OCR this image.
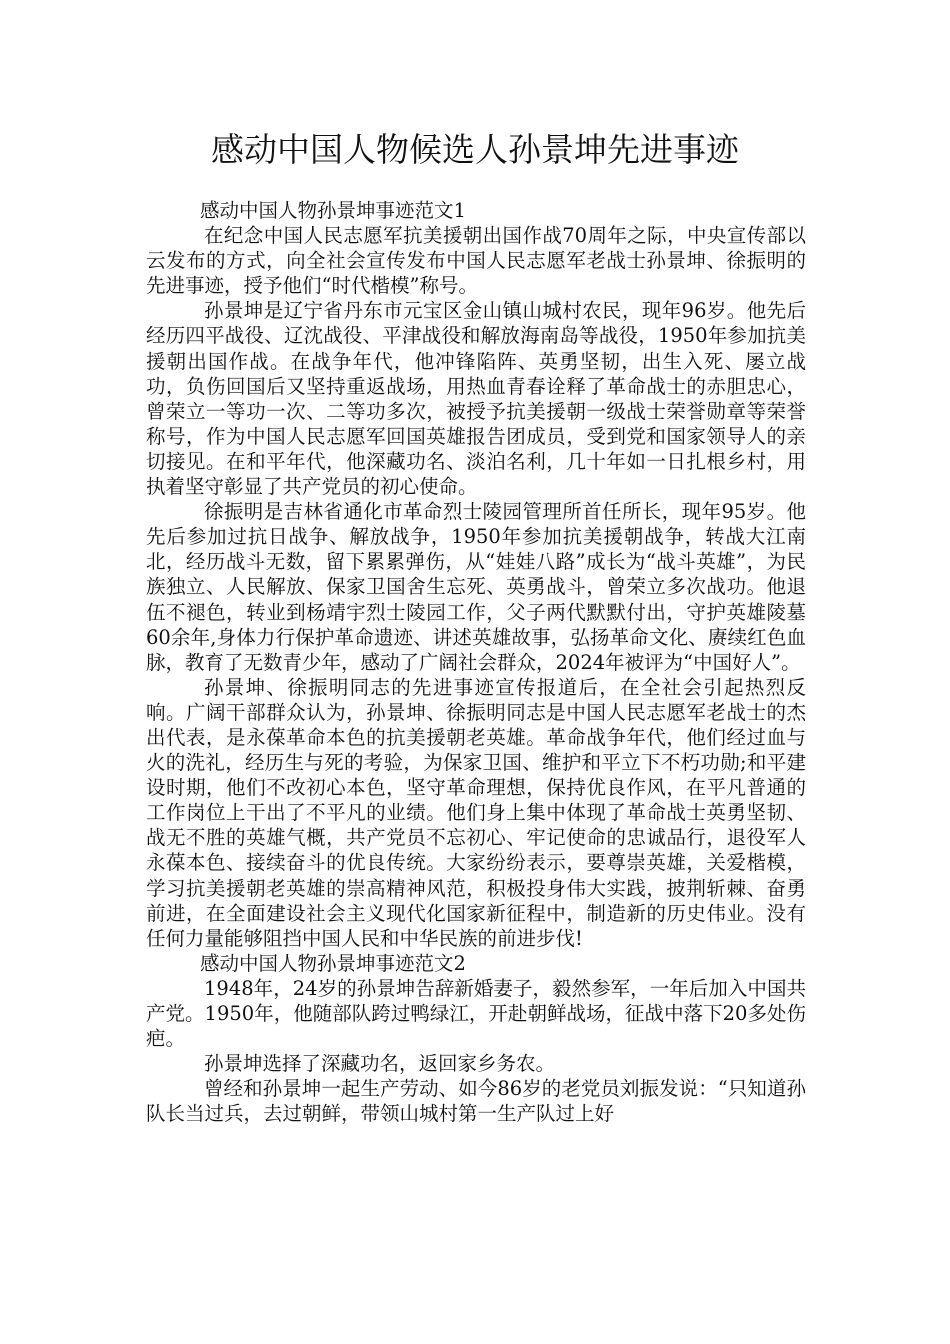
感动中国人物候选人孙景坤先进事迹

感动中国人物孙景坤事迹范文1

在纪念中国人民志愿军抗美援朝出国作战70周年之际，中央宣传部以云发布的方式，向全社会宣传发布中国人民志愿军老战士孙景坤、徐振明的先进事迹，授予他们“时代楷模”称号。

孙景坤是辽宁省丹东市元宝区金山镇山城村农民，现年96岁。他先后经历四平战役、辽沈战役、平津战役和解放海南岛等战役，1950年参加抗美援朝出国作战。在战争年代，他冲锋陷阵、英勇坚韧，出生入死、屡立战功，负伤回国后又坚持重返战场，用热血青春诠释了革命战士的赤胆忠心，曾荣立一等功一次、二等功多次，被授予抗美援朝一级战士荣誉勋章等荣誉称号，作为中国人民志愿军回国英雄报告团成员，受到党和国家领导人的亲切接见。在和平年代，他深藏功名、淡泊名利，几十年如一日扎根乡村，用执着坚守彰显了共产党员的初心使命。

徐振明是吉林省通化市革命烈士陵园管理所首任所长，现年95岁。他先后参加过抗日战争、解放战争，1950年参加抗美援朝战争，转战大江南北，经历战斗无数，留下累累弹伤，从“娃娃八路”成长为“战斗英雄”，为民族独立、人民解放、保家卫国舍生忘死、英勇战斗，曾荣立多次战功。他退伍不褪色，转业到杨靖宇烈士陵园工作，父子两代默默付出，守护英雄陵墓60余年,身体力行保护革命遗迹、讲述英雄故事，弘扬革命文化、赓续红色血脉，教育了无数青少年，感动了广阔社会群众，2024年被评为“中国好人”。

孙景坤、徐振明同志的先进事迹宣传报道后，在全社会引起热烈反响。广阔干部群众认为，孙景坤、徐振明同志是中国人民志愿军老战士的杰出代表，是永葆革命本色的抗美援朝老英雄。革命战争年代，他们经过血与火的洗礼，经历生与死的考验，为保家卫国、维护和平立下不朽功勋;和平建设时期，他们不改初心本色，坚守革命理想，保持优良作风，在平凡普通的工作岗位上干出了不平凡的业绩。他们身上集中体现了革命战士英勇坚韧、战无不胜的英雄气概，共产党员不忘初心、牢记使命的忠诚品行，退役军人永葆本色、接续奋斗的优良传统。大家纷纷表示，要尊崇英雄，关爱楷模，学习抗美援朝老英雄的崇高精神风范，积极投身伟大实践，披荆斩棘、奋勇前进，在全面建设社会主义现代化国家新征程中，制造新的历史伟业。没有任何力量能够阻挡中国人民和中华民族的前进步伐!

感动中国人物孙景坤事迹范文2

1948年，24岁的孙景坤告辞新婚妻子，毅然参军，一年后加入中国共产党。1950年，他随部队跨过鸭绿江，开赴朝鲜战场，征战中落下20多处伤疤。

孙景坤选择了深藏功名，返回家乡务农。

曾经和孙景坤一起生产劳动、如今86岁的老党员刘振发说：“只知道孙队长当过兵，去过朝鲜，带领山城村第一生产队过上好
